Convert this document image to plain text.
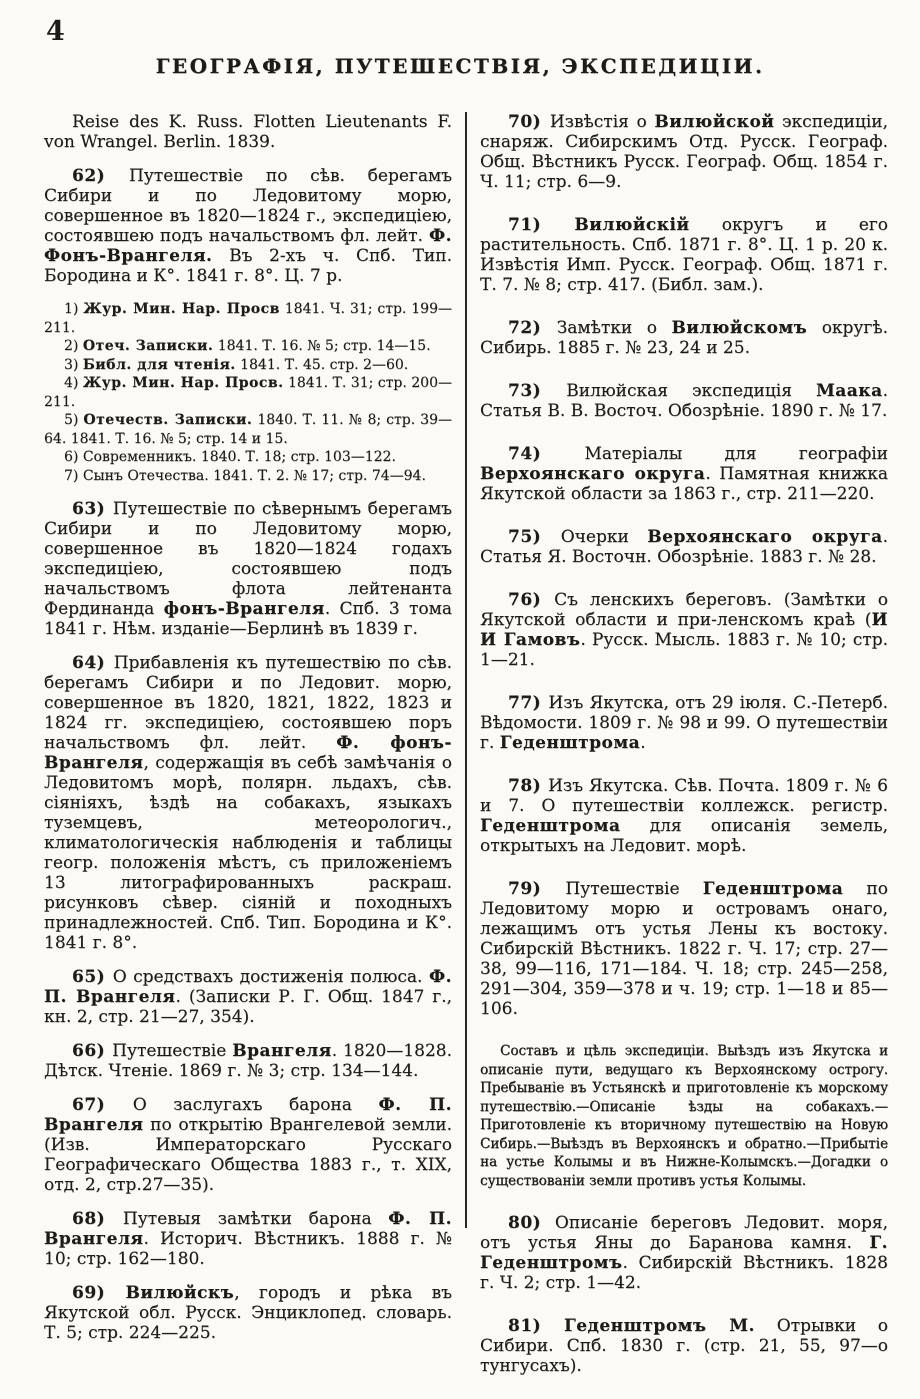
4
ГЕОГРАФІЯ, ПУТЕШЕСТВІЯ, ЭКСПЕДИЦІИ.

Reise des K. Russ. Flotten Lieutenants F. von Wrangel. Berlin. 1839.

62) Путешествіе по сѣв. берегамъ Сибири и по Ледовитому морю, совершенное въ 1820—1824 г., экспедиціею, состоявшею подъ начальствомъ фл. лейт. Ф. Фонъ-Врангеля. Въ 2-хъ ч. Спб. Тип. Бородина и К°. 1841 г. 8°. Ц. 7 р.

1) Жур. Мин. Нар. Просв 1841. Ч. 31; стр. 199—211.

2) Отеч. Записки. 1841. Т. 16. № 5; стр. 14—15.

3) Библ. для чтенія. 1841. Т. 45. стр. 2—60.

4) Жур. Мин. Нар. Просв. 1841. Т. 31; стр. 200—211.

5) Отечеств. Записки. 1840. Т. 11. № 8; стр. 39—64. 1841. Т. 16. № 5; стр. 14 и 15.

6) Современникъ. 1840. Т. 18; стр. 103—122.

7) Сынъ Отечества. 1841. Т. 2. № 17; стр. 74—94.

63) Путешествіе по сѣвернымъ берегамъ Сибири и по Ледовитому морю, совершенное въ 1820—1824 годахъ экспедиціею, состоявшею подъ начальствомъ флота лейтенанта Фердинанда фонъ-Врангеля. Спб. 3 тома 1841 г. Нѣм. изданіе—Берлинѣ въ 1839 г.

64) Прибавленія къ путешествію по сѣв. берегамъ Сибири и по Ледовит. морю, совершенное въ 1820, 1821, 1822, 1823 и 1824 гг. экспедиціею, состоявшею поръ начальствомъ фл. лейт. Ф. фонъ-Врангеля, содержащія въ себѣ замѣчанія о Ледовитомъ морѣ, полярн. льдахъ, сѣв. сіяніяхъ, ѣздѣ на собакахъ, языкахъ туземцевъ, метеорологич., климатологическія наблюденія и таблицы геогр. положенія мѣстъ, съ приложеніемъ 13 литографированныхъ раскраш. рисунковъ сѣвер. сіяній и походныхъ принадлежностей. Спб. Тип. Бородина и К°. 1841 г. 8°.

65) О средствахъ достиженія полюса. Ф. П. Врангеля. (Записки Р. Г. Общ. 1847 г., кн. 2, стр. 21—27, 354).

66) Путешествіе Врангеля. 1820—1828. Дѣтск. Чтеніе. 1869 г. № 3; стр. 134—144.

67) О заслугахъ барона Ф. П. Врангеля по открытію Врангелевой земли. (Изв. Императорскаго Русскаго Географическаго Общества 1883 г., т. XIX, отд. 2, стр.27—35).

68) Путевыя замѣтки барона Ф. П. Врангеля. Историч. Вѣстникъ. 1888 г. № 10; стр. 162—180.

69) Вилюйскъ, городъ и рѣка въ Якутской обл. Русск. Энциклопед. словарь. Т. 5; стр. 224—225.

70) Извѣстія о Вилюйской экспедиціи, снаряж. Сибирскимъ Отд. Русск. Географ. Общ. Вѣстникъ Русск. Географ. Общ. 1854 г. Ч. 11; стр. 6—9.

71) Вилюйскій округъ и его растительность. Спб. 1871 г. 8°. Ц. 1 р. 20 к. Извѣстія Имп. Русск. Географ. Общ. 1871 г. Т. 7. № 8; стр. 417. (Библ. зам.).

72) Замѣтки о Вилюйскомъ округѣ. Сибирь. 1885 г. № 23, 24 и 25.

73) Вилюйская экспедиція Маака. Статья В. В. Восточ. Обозрѣніе. 1890 г. № 17.

74) Матеріалы для географіи Верхоянскаго округа. Памятная книжка Якутской области за 1863 г., стр. 211—220.

75) Очерки Верхоянскаго округа. Статья Я. Восточн. Обозрѣніе. 1883 г. № 28.

76) Съ ленскихъ береговъ. (Замѣтки о Якутской области и при-ленскомъ краѣ (И И Гамовъ. Русск. Мысль. 1883 г. № 10; стр. 1—21.

77) Изъ Якутска, отъ 29 іюля. С.-Петерб. Вѣдомости. 1809 г. № 98 и 99. О путешествіи г. Геденштрома.

78) Изъ Якутска. Сѣв. Почта. 1809 г. № 6 и 7. О путешествіи коллежск. регистр. Геденштрома для описанія земель, открытыхъ на Ледовит. морѣ.

79) Путешествіе Геденштрома по Ледовитому морю и островамъ онаго, лежащимъ отъ устья Лены къ востоку. Сибирскій Вѣстникъ. 1822 г. Ч. 17; стр. 27—38, 99—116, 171—184. Ч. 18; стр. 245—258, 291—304, 359—378 и ч. 19; стр. 1—18 и 85—106.

Составъ и цѣль экспедиціи. Выѣздъ изъ Якутска и описаніе пути, ведущаго къ Верхоянскому острогу. Пребываніе въ Устьянскѣ и приготовленіе къ морскому путешествію.—Описаніе ѣзды на собакахъ.—Приготовленіе къ вторичному путешествію на Новую Сибирь.—Выѣздъ въ Верхоянскъ и обратно.—Прибытіе на устье Колымы и въ Нижне-Колымскъ.—Догадки о существованіи земли противъ устья Колымы.

80) Описаніе береговъ Ледовит. моря, отъ устья Яны до Баранова камня. Г. Геденштромъ. Сибирскій Вѣстникъ. 1828 г. Ч. 2; стр. 1—42.

81) Геденштромъ М. Отрывки о Сибири. Спб. 1830 г. (стр. 21, 55, 97—о тунгусахъ).
